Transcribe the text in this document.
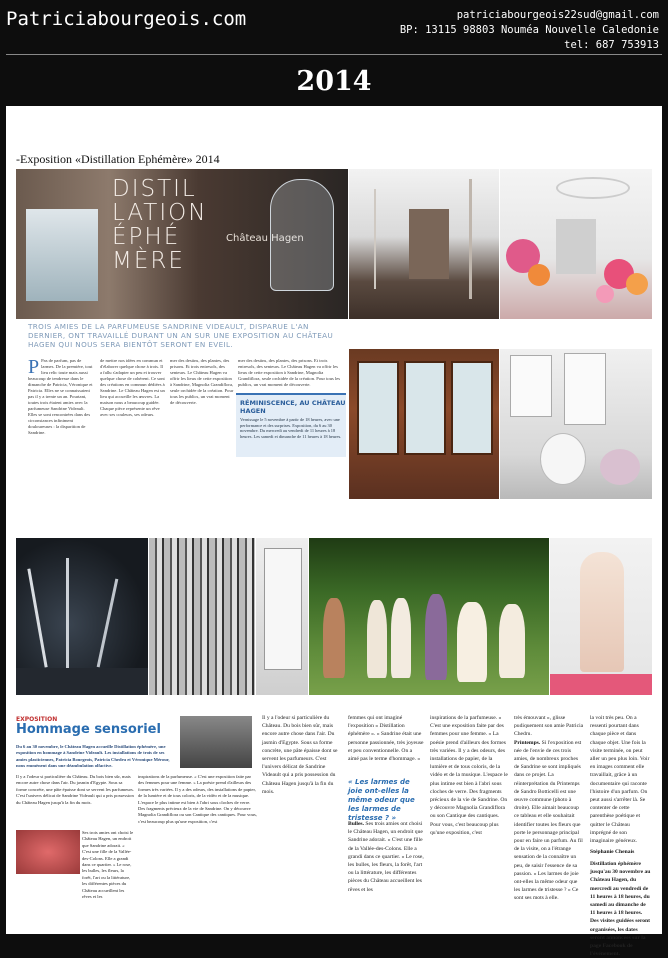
Patriciabourgeois.com	patriciabourgeois22sud@gmail.com
BP: 13115 98803 Nouméa Nouvelle Caledonie
tel: 687 753913
2014
-Exposition «Distillation Ephémère» 2014
DISTIL
LATION
ÉPHÉ
MÈRE
Château Hagen
TROIS AMIES DE LA PARFUMEUSE SANDRINE VIDEAULT, DISPARUE L'AN DERNIER, ONT TRAVAILLÉ DURANT UN AN SUR UNE EXPOSITION AU CHÂTEAU HAGEN QUI NOUS SERA BIENTÔT SERONT EN EVEIL.
P Pas de parfum, pas de larmes. De la première, tout lieu relic toute mais aussi beaucoup de tendresse dans le dimanche de Patricia, Véronique et Patricia. Elles ne se connaissaient pas il y a trente un an. Pourtant, toutes trois étaient amies avec la parfumeuse Sandrine Videault. Elles se sont rencontrées dans des circonstances infiniment douloureuses : la disparition de Sandrine.
de mettre nos idées en commun et d'élaborer quelque chose à trois. Il a fallu s'adapter un peu et trouver quelque chose de cohérent. Ce sont des créations en commun dédiées à Sandrine. Le Château Hagen est un lieu qui accueille les œuvres. La maison nous a beaucoup guidée. Chaque pièce représente un rêve avec ses couleurs, ses odeurs.
mer des destins, des plantes, des prisons. Et trois entresols, des senteurs. Le Château Hagen va offrir les lieux de cette exposition à Sandrine, Magnolia Grandiflora, seule orchidée de la création. Pour tous les publics, un vrai moment de découverte.
mer des destins, des plantes, des prisons. Et trois entresols, des senteurs. Le Château Hagen va offrir les lieux de cette exposition à Sandrine, Magnolia Grandiflora, seule orchidée de la création. Pour tous les publics, un vrai moment de découverte.
RÉMINISCENCE, AU CHÂTEAU HAGEN
Vernissage le 5 novembre à partir de 18 heures, avec une performance et des surprises. Exposition, du 6 au 30 novembre. Du mercredi au vendredi de 11 heures à 18 heures. Les samedi et dimanche de 11 heures à 18 heures.
EXPOSITION
Hommage sensoriel
Du 6 au 30 novembre, le Château Hagen accueille Distillation éphémère, une exposition en hommage à Sandrine Videault. Les installations de trois de ses amies plasticiennes, Patricia Bourgeois, Patricia Chedru et Véronique Mérour, nous emmènent dans une déambulation olfactive.
Il y a l'odeur si particulière du Château. Du bois bien sûr, mais encore autre chose dans l'air. Du jasmin d'Egypte. Sous sa forme concrète, une pâte épaisse dont se servent les parfumeurs. C'est l'univers délicat de Sandrine Videault qui a pris possession du Château Hagen jusqu'à la fin du mois.
Ses trois amies ont choisi le Château Hagen, un endroit que Sandrine adorait. « C'est une fille de la Vallée-des-Colons. Elle a grandi dans ce quartier. » Le rose, les bulles, les fleurs, la forêt, l'art ou la littérature, les différentes pièces du Château accueillent les rêves et les
inspirations de la parfumeuse. « C'est une exposition faite par des femmes pour une femme. » La poésie prend d'ailleurs des formes très variées. Il y a des odeurs, des installations de papier, de la lumière et de tous coloris, de la vidéo et de la musique. L'espace le plus intime est bien à l'abri sous cloches de verre. Des fragments précieux de la vie de Sandrine. On y découvre Magnolia Grandiflora ou son Cantique des cantiques. Pour vous, c'est beaucoup plus qu'une exposition, c'est
Il y a l'odeur si particulière du Château. Du bois bien sûr, mais encore autre chose dans l'air. Du jasmin d'Egypte. Sous sa forme concrète, une pâte épaisse dont se servent les parfumeurs. C'est l'univers délicat de Sandrine Videault qui a pris possession du Château Hagen jusqu'à la fin du mois.
femmes qui ont imaginé l'exposition « Distillation éphémère ». « Sandrine était une personne passionnée, très joyeuse et peu conventionnelle. On a aimé pas le terme d'hommage. »
« Les larmes de joie ont-elles la même odeur que les larmes de tristesse ? »
Bulles. Ses trois amies ont choisi le Château Hagen, un endroit que Sandrine adorait. « C'est une fille de la Vallée-des-Colons. Elle a grandi dans ce quartier. » Le rose, les bulles, les fleurs, la forêt, l'art ou la littérature, les différentes pièces du Château accueillent les rêves et les
inspirations de la parfumeuse. « C'est une exposition faite par des femmes pour une femme. » La poésie prend d'ailleurs des formes très variées. Il y a des odeurs, des installations de papier, de la lumière et de tous coloris, de la vidéo et de la musique. L'espace le plus intime est bien à l'abri sous cloches de verre. Des fragments précieux de la vie de Sandrine. On y découvre Magnolia Grandiflora ou son Cantique des cantiques. Pour vous, c'est beaucoup plus qu'une exposition, c'est
très émouvant », glisse pudiquement son amie Patricia Chedru.
Printemps. Si l'exposition est née de l'envie de ces trois amies, de nombreux proches de Sandrine se sont impliqués dans ce projet. La réinterprétation du Printemps de Sandro Botticelli est une œuvre commune (photo à droite). Elle aimait beaucoup ce tableau et elle souhaitait identifier toutes les fleurs que porte le personnage principal pour en faire un parfum. Au fil de la visite, on a l'étrange sensation de la connaître un peu, de saisir l'essence de sa passion. « Les larmes de joie ont-elles la même odeur que les larmes de tristesse ? » Ce sont ses mots à elle.
la voit très peu. On a ressenti pourtant dans chaque pièce et dans chaque objet. Une fois la visite terminée, on peut aller un peu plus loin. Voir en images comment elle travaillait, grâce à un documentaire qui raconte l'histoire d'un parfum. On peut aussi s'arrêter là. Se contenter de cette parenthèse poétique et quitter le Château imprégné de son imaginaire généreux.
Stéphanie Chenais
Distillation éphémère jusqu'au 30 novembre au Château Hagen, du mercredi au vendredi de 11 heures à 18 heures, du samedi au dimanche de 11 heures à 18 heures. Des visites guidées seront organisées, les dates seront annoncées sur la page Facebook de l'événement.
